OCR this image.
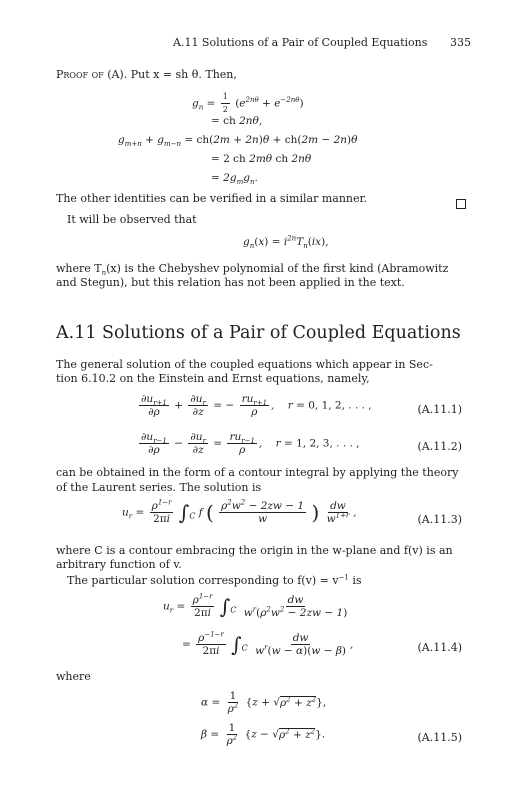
A.11 Solutions of a Pair of Coupled Equations 335
Proof of (A). Put x = sh θ. Then,
$g_n = \frac{1}{2} (e^{2n\theta} + e^{-2n\theta})$
= ch 2nθ,
$g_{m+n} + g_{m-n} = ch(2m + 2n)\theta + ch(2m - 2n)\theta$
= 2 ch 2mθ ch 2nθ
= $2g_mg_n$.
The other identities can be verified in a similar manner.
It will be observed that
$g_n(x) = i^{2n}T_n(ix)$,
where $T_n(x)$ is the Chebyshev polynomial of the first kind (Abramowitz
and Stegun), but this relation has not been applied in the text.
A.11 Solutions of a Pair of Coupled Equations
The general solution of the coupled equations which appear in Sec-
tion 6.10.2 on the Einstein and Ernst equations, namely,
$\frac{\partial u_{r+1}}{\partial\rho} + \frac{\partial u_r}{\partial z}$ = − $\frac{ru_{r+1}}{\rho}$ ,    r = 0, 1, 2, . . . ,	(A.11.1)
$\frac{\partial u_{r-1}}{\partial\rho} - \frac{\partial u_r}{\partial z} = \frac{ru_{r-1}}{\rho}$ ,    r = 1, 2, 3, . . . ,	(A.11.2)
can be obtained in the form of a contour integral by applying the theory
of the Laurent series. The solution is
$u_r = \frac{\rho^{1-r}}{2\pi i} \int_C$ f ( $\frac{\rho^2w^2 - 2zw - 1}{w}$ ) $\frac{dw}{w^{1+r}}$ ,
(A.11.3)
where C is a contour embracing the origin in the w-plane and f(v) is an
arbitrary function of v.
The particular solution corresponding to $f(v) = v^{-1}$ is
$u_r = \frac{\rho^{1-r}}{2\pi i} \int_C \frac{dw}{w^r(\rho^2w^2 - 2zw - 1)}$
= $\frac{\rho^{-1-r}}{2\pi i} \int_C \frac{dw}{w^r(w - \alpha)(w - \beta)}$ ,	(A.11.4)
where
$\alpha = \frac{1}{\rho^2} \{z + √\rho^2 + z^2\}$,
$\beta = \frac{1}{\rho^2} \{z - √\rho^2 + z^2\}$.	(A.11.5)
